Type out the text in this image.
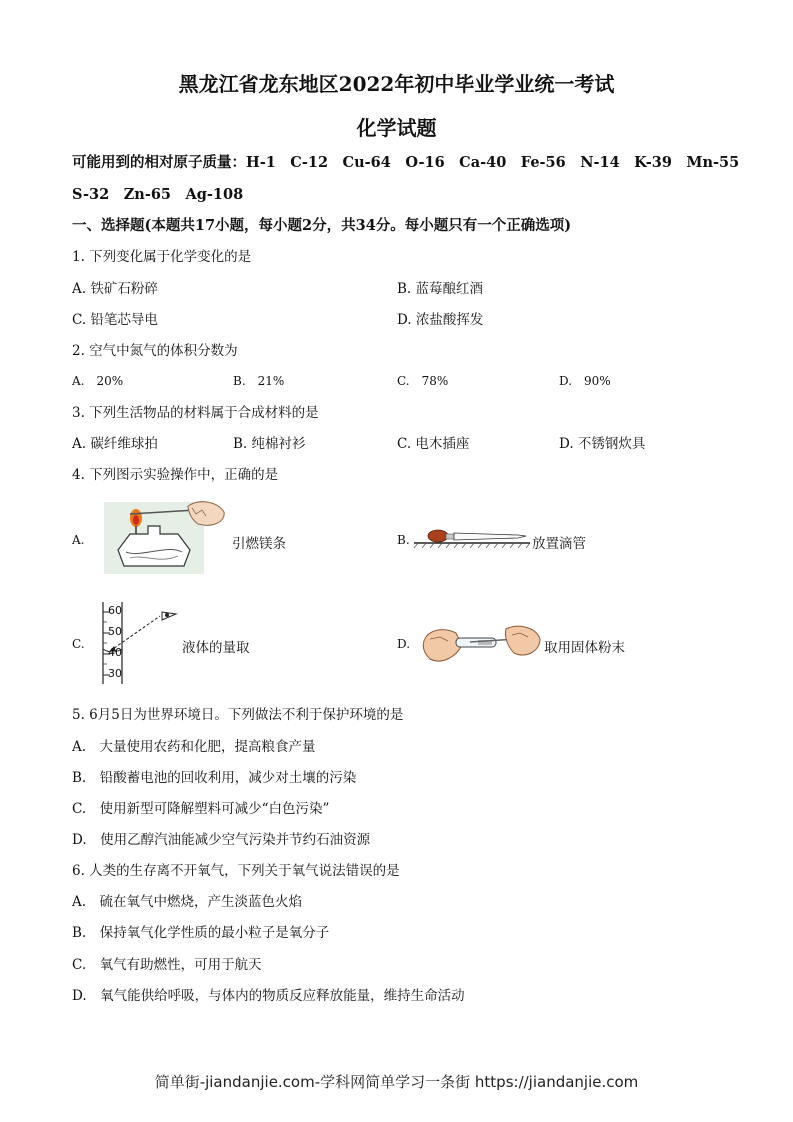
黑龙江省龙东地区2022年初中毕业学业统一考试
化学试题
可能用到的相对原子质量：H-1　C-12　Cu-64　O-16　Ca-40　Fe-56　N-14　K-39　Mn-55
S-32　Zn-65　Ag-108
一、选择题(本题共17小题，每小题2分，共34分。每小题只有一个正确选项)
1. 下列变化属于化学变化的是
A. 铁矿石粉碎	B. 蓝莓酿红酒
C. 铅笔芯导电	D. 浓盐酸挥发
2. 空气中氮气的体积分数为
A.　20%	B.　21%	C.　78%	D.　90%
3. 下列生活物品的材料属于合成材料的是
A. 碳纤维球拍	B. 纯棉衬衫	C. 电木插座	D. 不锈钢炊具
4. 下列图示实验操作中，正确的是
A.	引燃镁条	B.	放置滴管
C.
60
50
40
30
液体的量取	D.	取用固体粉末
5. 6月5日为世界环境日。下列做法不利于保护环境的是
A.　大量使用农药和化肥，提高粮食产量
B.　铅酸蓄电池的回收利用，减少对土壤的污染
C.　使用新型可降解塑料可减少“白色污染”
D.　使用乙醇汽油能减少空气污染并节约石油资源
6. 人类的生存离不开氧气，下列关于氧气说法错误的是
A.　硫在氧气中燃烧，产生淡蓝色火焰
B.　保持氧气化学性质的最小粒子是氧分子
C.　氧气有助燃性，可用于航天
D.　氧气能供给呼吸，与体内的物质反应释放能量，维持生命活动
简单街-jiandanjie.com-学科网简单学习一条街 https://jiandanjie.com
